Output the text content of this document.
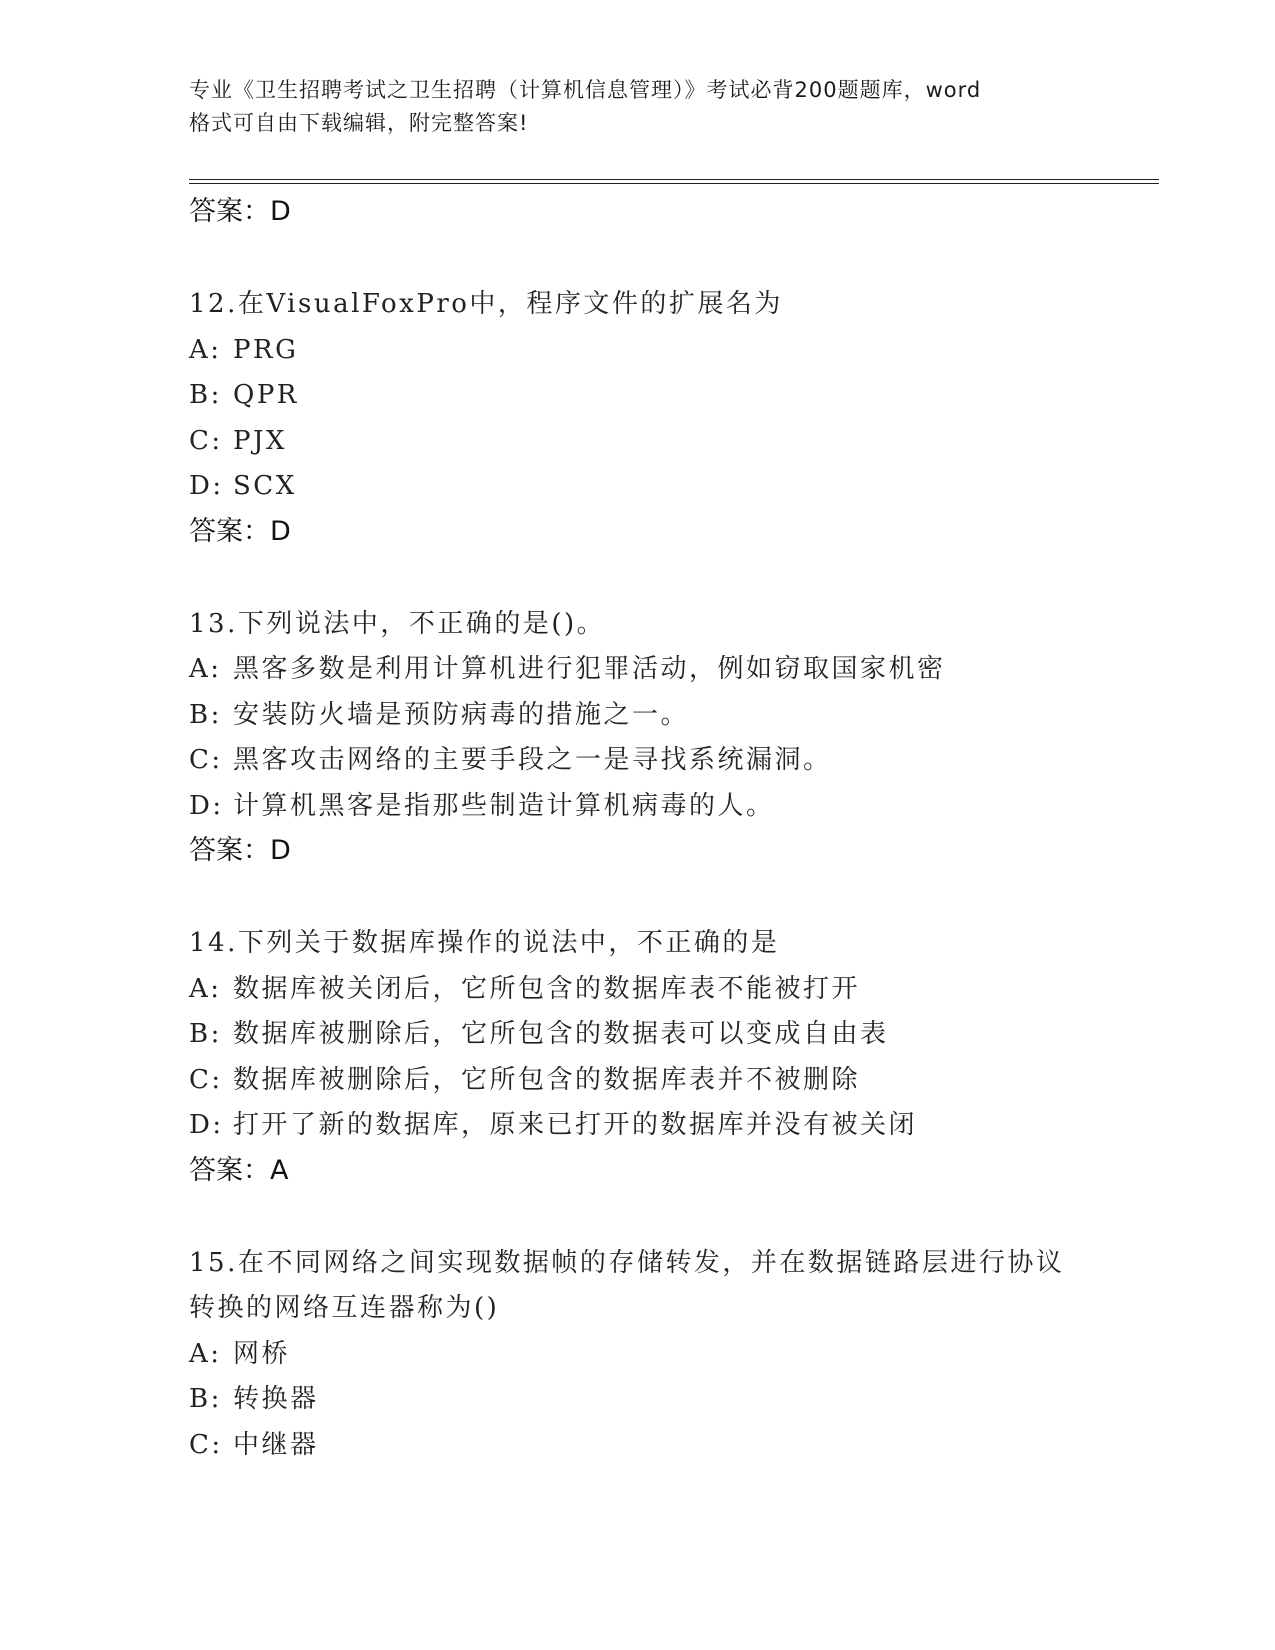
专业《卫生招聘考试之卫生招聘（计算机信息管理）》考试必背200题题库，word

格式可自由下载编辑，附完整答案!

答案：D

12.在VisualFoxPro中，程序文件的扩展名为

A: PRG

B: QPR

C: PJX

D: SCX

答案：D

13.下列说法中，不正确的是()。

A: 黑客多数是利用计算机进行犯罪活动，例如窃取国家机密

B: 安装防火墙是预防病毒的措施之一。

C: 黑客攻击网络的主要手段之一是寻找系统漏洞。

D: 计算机黑客是指那些制造计算机病毒的人。

答案：D

14.下列关于数据库操作的说法中，不正确的是

A: 数据库被关闭后，它所包含的数据库表不能被打开

B: 数据库被删除后，它所包含的数据表可以变成自由表

C: 数据库被删除后，它所包含的数据库表并不被删除

D: 打开了新的数据库，原来已打开的数据库并没有被关闭

答案：A

15.在不同网络之间实现数据帧的存储转发，并在数据链路层进行协议

转换的网络互连器称为()

A: 网桥

B: 转换器

C: 中继器
